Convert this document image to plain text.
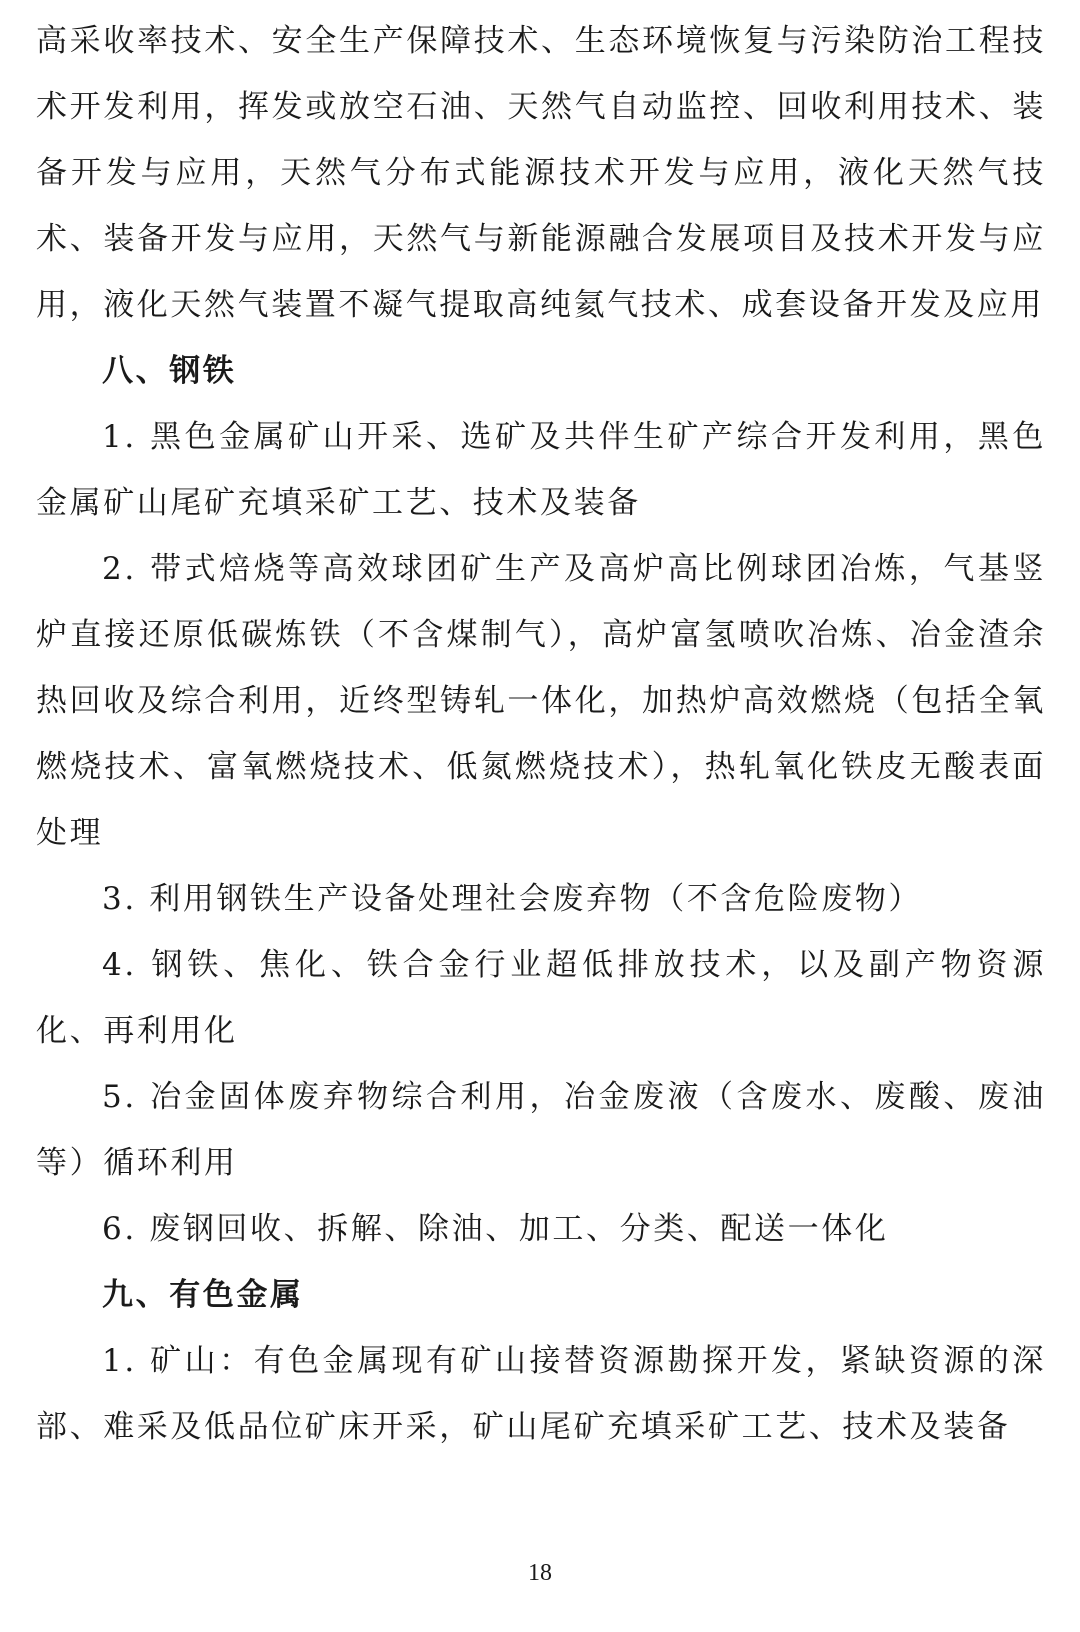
高采收率技术、安全生产保障技术、生态环境恢复与污染防治工程技术开发利用，挥发或放空石油、天然气自动监控、回收利用技术、装备开发与应用，天然气分布式能源技术开发与应用，液化天然气技术、装备开发与应用，天然气与新能源融合发展项目及技术开发与应用，液化天然气装置不凝气提取高纯氦气技术、成套设备开发及应用

八、钢铁

1. 黑色金属矿山开采、选矿及共伴生矿产综合开发利用，黑色金属矿山尾矿充填采矿工艺、技术及装备

2. 带式焙烧等高效球团矿生产及高炉高比例球团冶炼，气基竖炉直接还原低碳炼铁（不含煤制气），高炉富氢喷吹冶炼、冶金渣余热回收及综合利用，近终型铸轧一体化，加热炉高效燃烧（包括全氧燃烧技术、富氧燃烧技术、低氮燃烧技术），热轧氧化铁皮无酸表面处理

3. 利用钢铁生产设备处理社会废弃物（不含危险废物）

4. 钢铁、焦化、铁合金行业超低排放技术，以及副产物资源化、再利用化

5. 冶金固体废弃物综合利用，冶金废液（含废水、废酸、废油等）循环利用

6. 废钢回收、拆解、除油、加工、分类、配送一体化

九、有色金属

1. 矿山：有色金属现有矿山接替资源勘探开发，紧缺资源的深部、难采及低品位矿床开采，矿山尾矿充填采矿工艺、技术及装备

18
